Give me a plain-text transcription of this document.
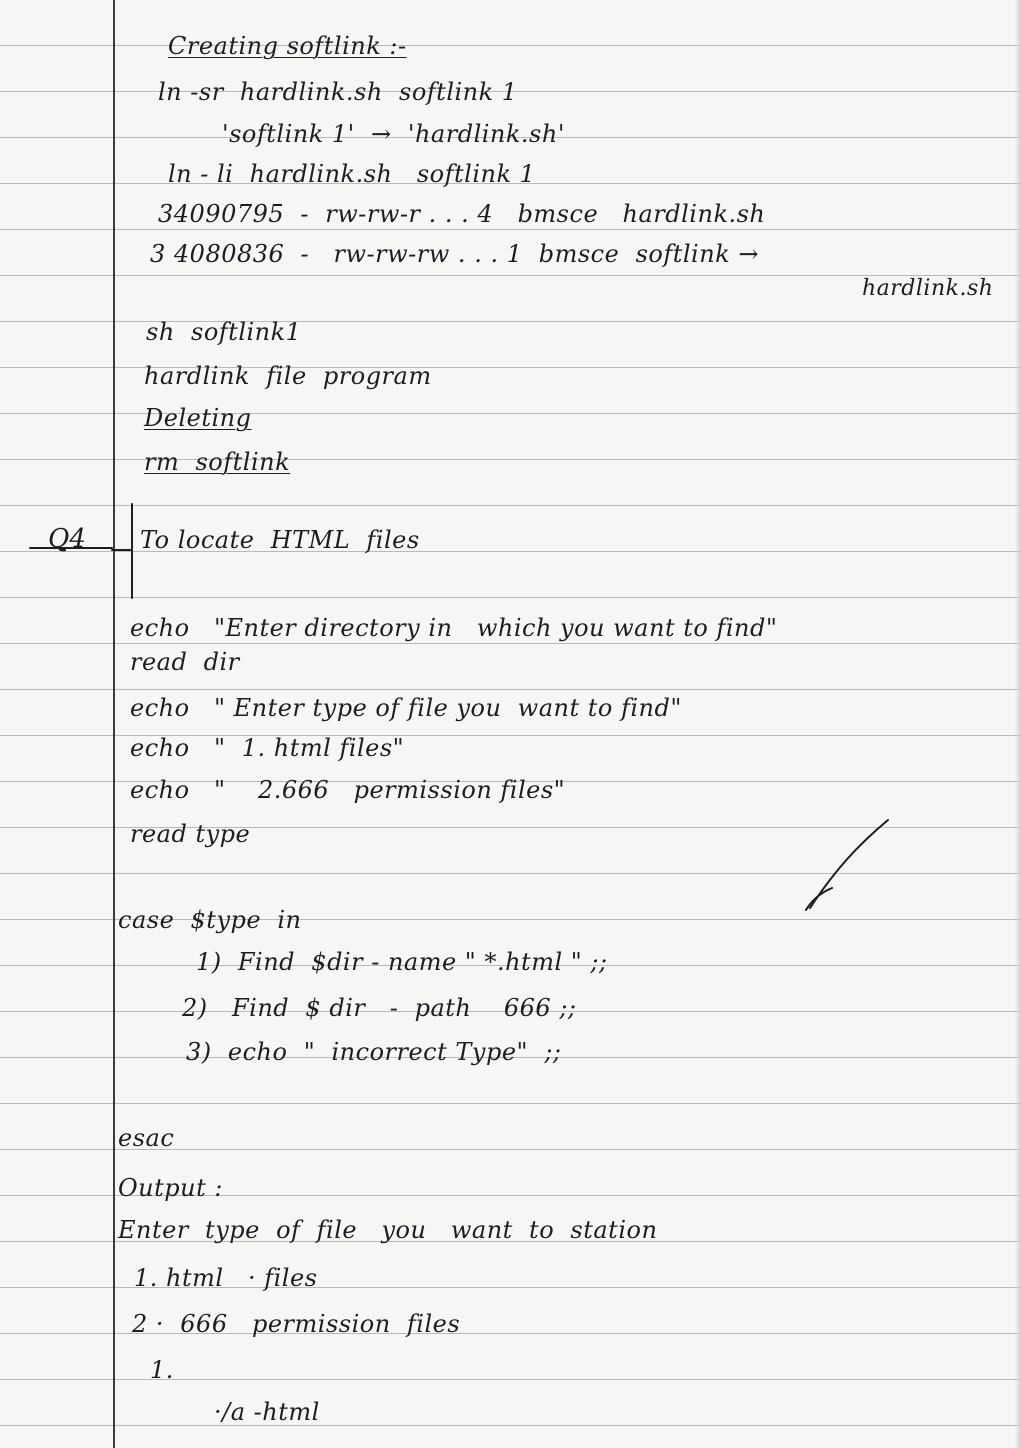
Creating softlink :-
ln -sr  hardlink.sh  softlink 1
'softlink 1'  →  'hardlink.sh'
ln - li  hardlink.sh   softlink 1
34090795  -  rw-rw-r . . . 4   bmsce   hardlink.sh
3 4080836  -   rw-rw-rw . . . 1  bmsce  softlink →
hardlink.sh
sh  softlink1
hardlink  file  program
Deleting
rm  softlink
Q4 To locate  HTML  files
echo   "Enter directory in   which you want to find"
read  dir
echo   " Enter type of file you  want to find"
echo   "  1. html files"
echo   "    2.666   permission files"
read type
case  $type  in
1)  Find  $dir - name " *.html " ;;
2)   Find  $ dir   -  path    666 ;;
3)  echo  "  incorrect Type"  ;;
esac
Output :
Enter  type  of  file   you   want  to  station
1. html   · files
2 ·  666   permission  files
1.
·/a -html
